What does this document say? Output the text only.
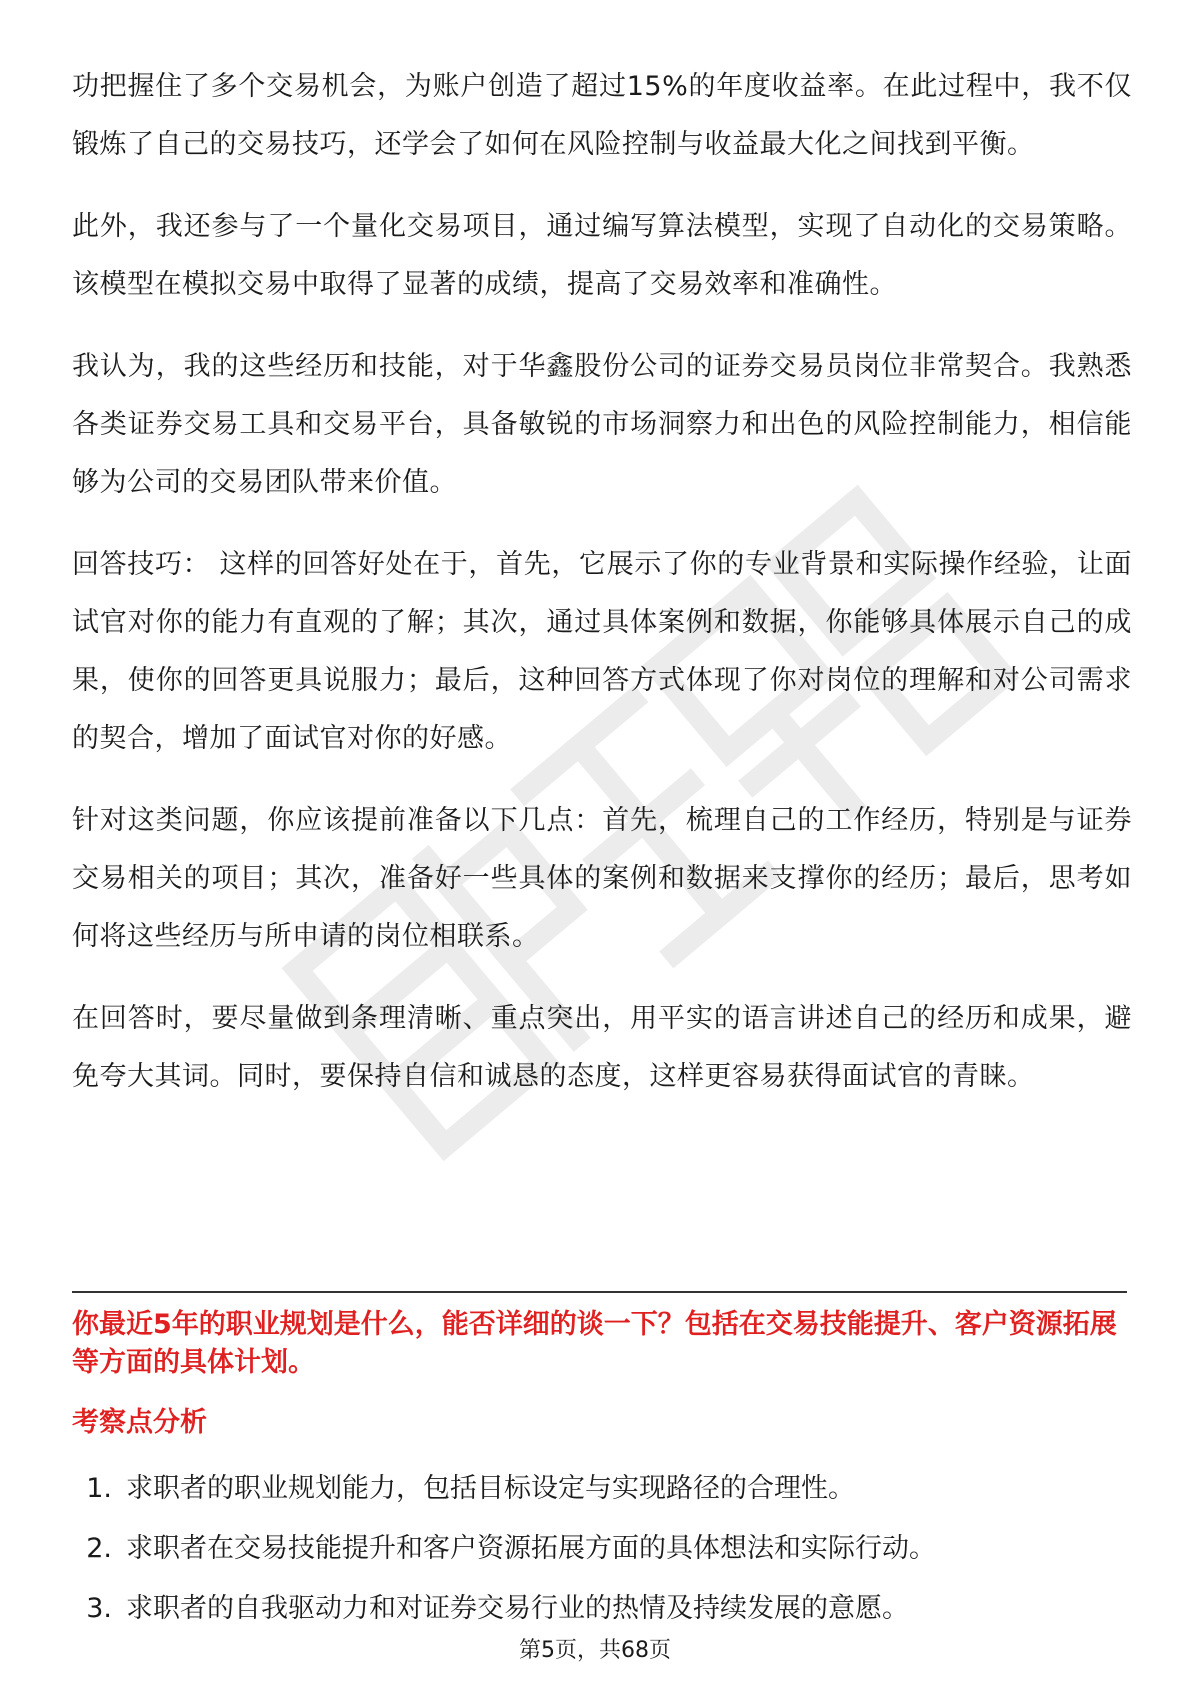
功把握住了多个交易机会，为账户创造了超过15%的年度收益率。在此过程中，我不仅锻炼了自己的交易技巧，还学会了如何在风险控制与收益最大化之间找到平衡。

此外，我还参与了一个量化交易项目，通过编写算法模型，实现了自动化的交易策略。该模型在模拟交易中取得了显著的成绩，提高了交易效率和准确性。

我认为，我的这些经历和技能，对于华鑫股份公司的证券交易员岗位非常契合。我熟悉各类证券交易工具和交易平台，具备敏锐的市场洞察力和出色的风险控制能力，相信能够为公司的交易团队带来价值。

回答技巧： 这样的回答好处在于，首先，它展示了你的专业背景和实际操作经验，让面试官对你的能力有直观的了解；其次，通过具体案例和数据，你能够具体展示自己的成果，使你的回答更具说服力；最后，这种回答方式体现了你对岗位的理解和对公司需求的契合，增加了面试官对你的好感。

针对这类问题，你应该提前准备以下几点：首先，梳理自己的工作经历，特别是与证券交易相关的项目；其次，准备好一些具体的案例和数据来支撑你的经历；最后，思考如何将这些经历与所申请的岗位相联系。

在回答时，要尽量做到条理清晰、重点突出，用平实的语言讲述自己的经历和成果，避免夸大其词。同时，要保持自信和诚恳的态度，这样更容易获得面试官的青睐。

你最近5年的职业规划是什么，能否详细的谈一下？包括在交易技能提升、客户资源拓展等方面的具体计划。

考察点分析

1. 求职者的职业规划能力，包括目标设定与实现路径的合理性。
2. 求职者在交易技能提升和客户资源拓展方面的具体想法和实际行动。
3. 求职者的自我驱动力和对证券交易行业的热情及持续发展的意愿。
第5页，共68页
